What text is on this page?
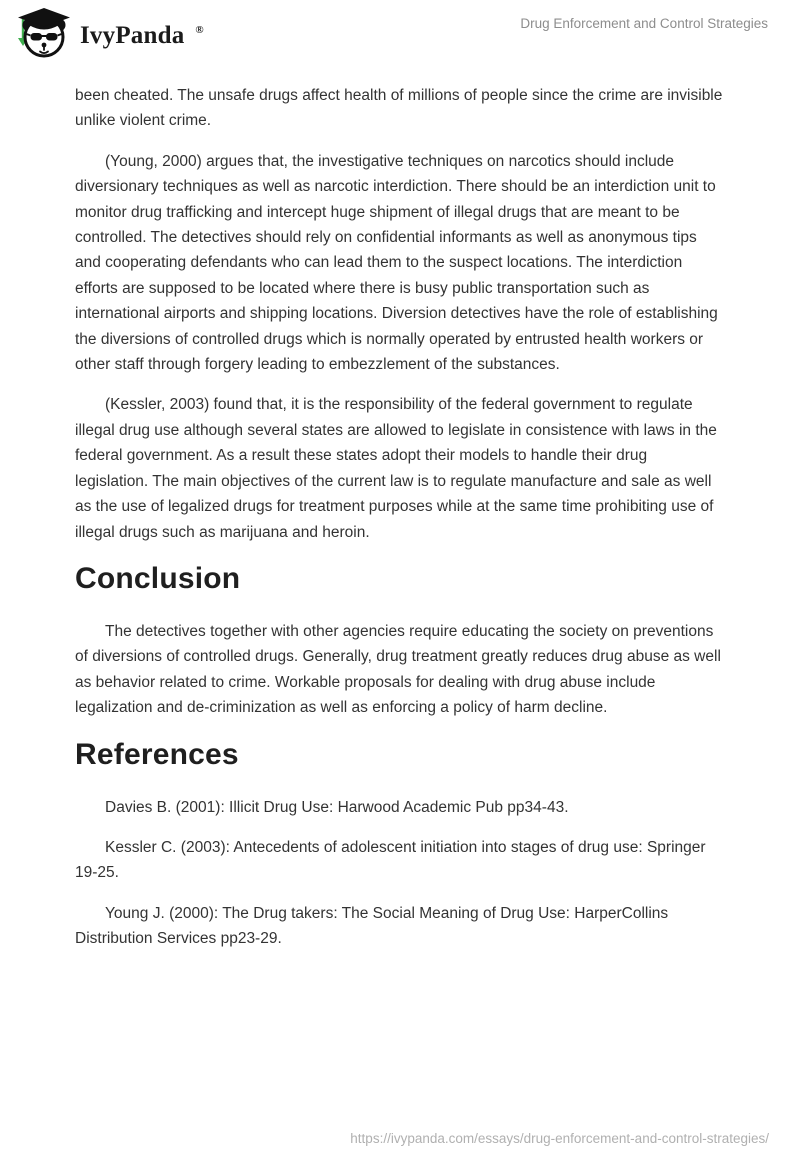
IvyPanda ®	Drug Enforcement and Control Strategies

been cheated. The unsafe drugs affect health of millions of people since the crime are invisible unlike violent crime.

(Young, 2000) argues that, the investigative techniques on narcotics should include diversionary techniques as well as narcotic interdiction. There should be an interdiction unit to monitor drug trafficking and intercept huge shipment of illegal drugs that are meant to be controlled. The detectives should rely on confidential informants as well as anonymous tips and cooperating defendants who can lead them to the suspect locations. The interdiction efforts are supposed to be located where there is busy public transportation such as international airports and shipping locations. Diversion detectives have the role of establishing the diversions of controlled drugs which is normally operated by entrusted health workers or other staff through forgery leading to embezzlement of the substances.

(Kessler, 2003) found that, it is the responsibility of the federal government to regulate illegal drug use although several states are allowed to legislate in consistence with laws in the federal government. As a result these states adopt their models to handle their drug legislation. The main objectives of the current law is to regulate manufacture and sale as well as the use of legalized drugs for treatment purposes while at the same time prohibiting use of illegal drugs such as marijuana and heroin.

Conclusion

The detectives together with other agencies require educating the society on preventions of diversions of controlled drugs. Generally, drug treatment greatly reduces drug abuse as well as behavior related to crime. Workable proposals for dealing with drug abuse include legalization and de-criminization as well as enforcing a policy of harm decline.

References

Davies B. (2001): Illicit Drug Use: Harwood Academic Pub pp34-43.

Kessler C. (2003): Antecedents of adolescent initiation into stages of drug use: Springer 19-25.

Young J. (2000): The Drug takers: The Social Meaning of Drug Use: HarperCollins Distribution Services pp23-29.

https://ivypanda.com/essays/drug-enforcement-and-control-strategies/
